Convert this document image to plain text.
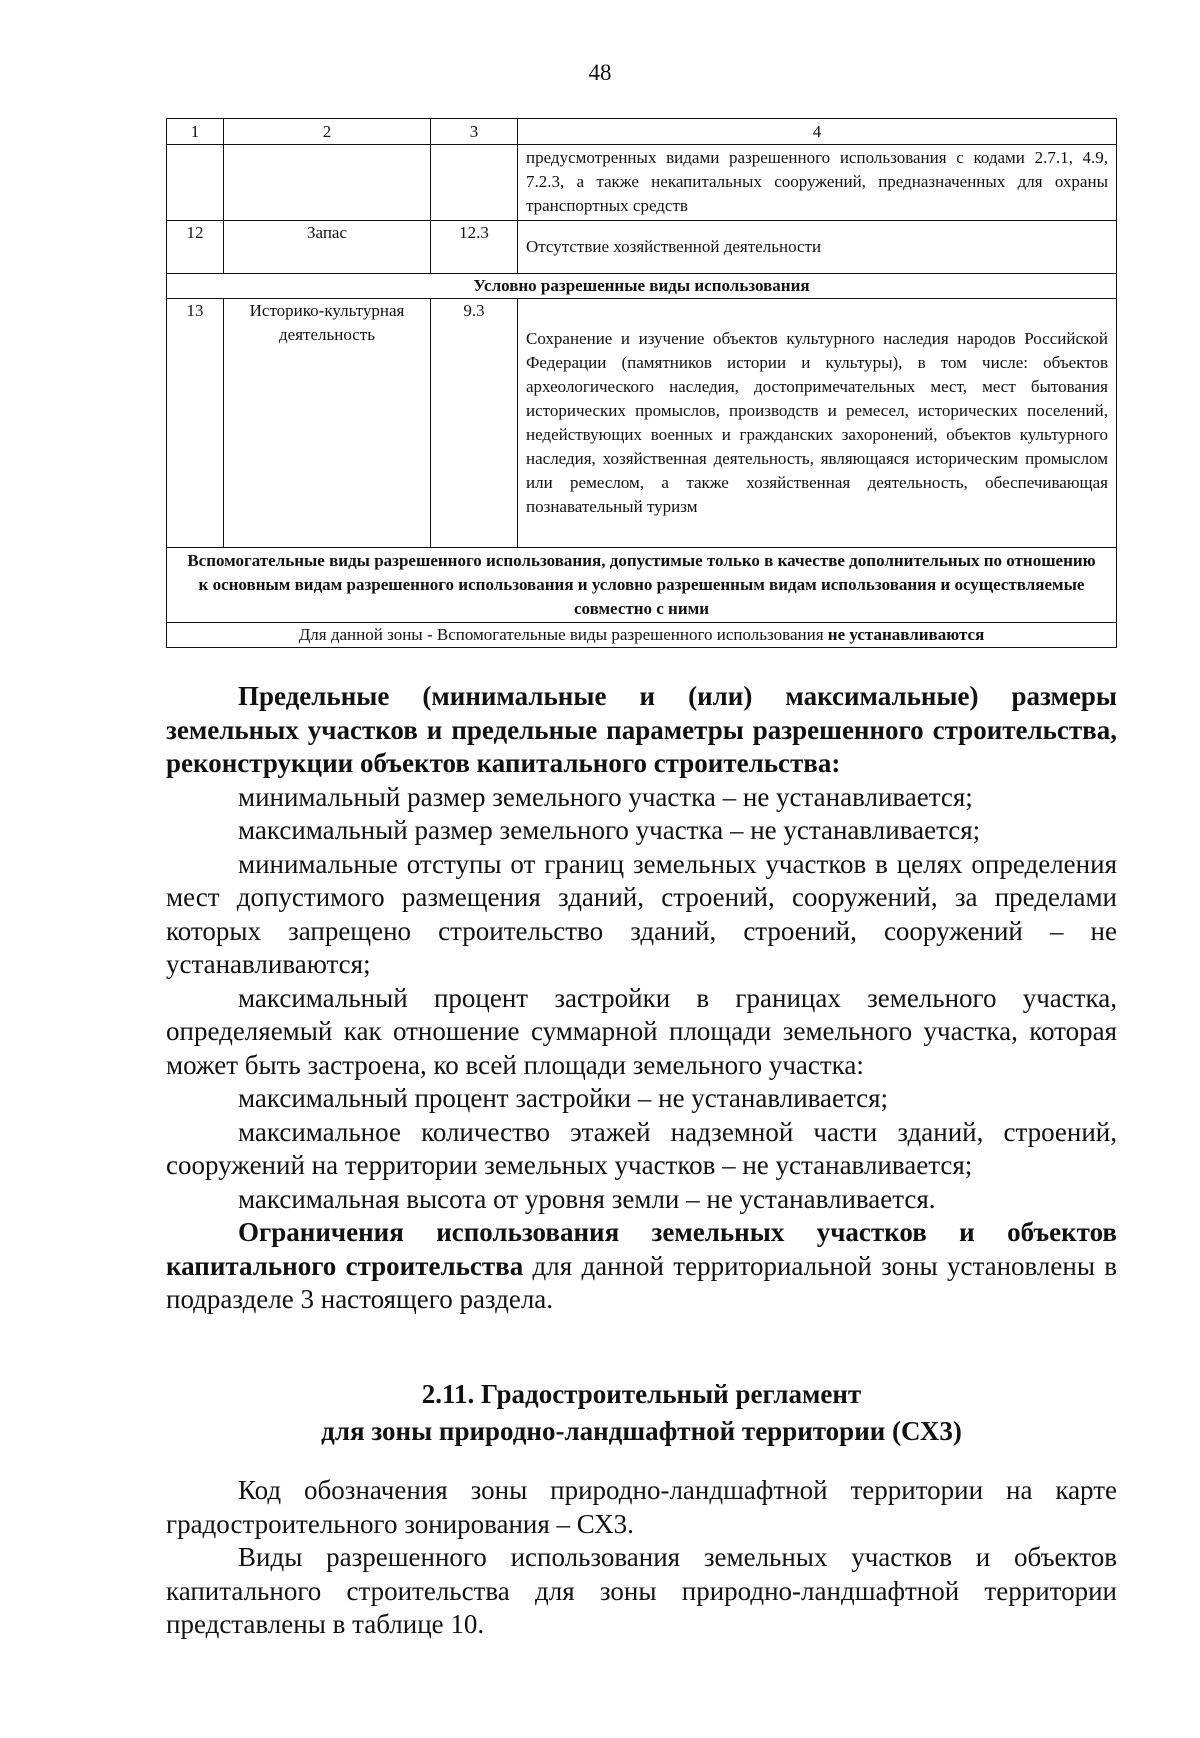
48
1	2	3	4
			предусмотренных видами разрешенного использования с кодами 2.7.1, 4.9, 7.2.3, а также некапитальных сооружений, предназначенных для охраны транспортных средств
12	Запас	12.3	Отсутствие хозяйственной деятельности
Условно разрешенные виды использования			
13	Историко-культурная деятельность	9.3	Сохранение и изучение объектов культурного наследия народов Российской Федерации (памятников истории и культуры), в том числе: объектов археологического наследия, достопримечательных мест, мест бытования исторических промыслов, производств и ремесел, исторических поселений, недействующих военных и гражданских захоронений, объектов культурного наследия, хозяйственная деятельность, являющаяся историческим промыслом или ремеслом, а также хозяйственная деятельность, обеспечивающая познавательный туризм
Вспомогательные виды разрешенного использования, допустимые только в качестве дополнительных по отношению к основным видам разрешенного использования и условно разрешенным видам использования и осуществляемые совместно с ними			
Для данной зоны - Вспомогательные виды разрешенного использования не устанавливаются			

Предельные (минимальные и (или) максимальные) размеры земельных участков и предельные параметры разрешенного строительства, реконструкции объектов капитального строительства:

минимальный размер земельного участка – не устанавливается;

максимальный размер земельного участка – не устанавливается;

минимальные отступы от границ земельных участков в целях определения мест допустимого размещения зданий, строений, сооружений, за пределами которых запрещено строительство зданий, строений, сооружений – не устанавливаются;

максимальный процент застройки в границах земельного участка, определяемый как отношение суммарной площади земельного участка, которая может быть застроена, ко всей площади земельного участка:

максимальный процент застройки – не устанавливается;

максимальное количество этажей надземной части зданий, строений, сооружений на территории земельных участков – не устанавливается;

максимальная высота от уровня земли – не устанавливается.

Ограничения использования земельных участков и объектов капитального строительства для данной территориальной зоны установлены в подразделе 3 настоящего раздела.

2.11. Градостроительный регламент
для зоны природно-ландшафтной территории (СХ3)

Код обозначения зоны природно-ландшафтной территории на карте градостроительного зонирования – СХ3.

Виды разрешенного использования земельных участков и объектов капитального строительства для зоны природно-ландшафтной территории представлены в таблице 10.
